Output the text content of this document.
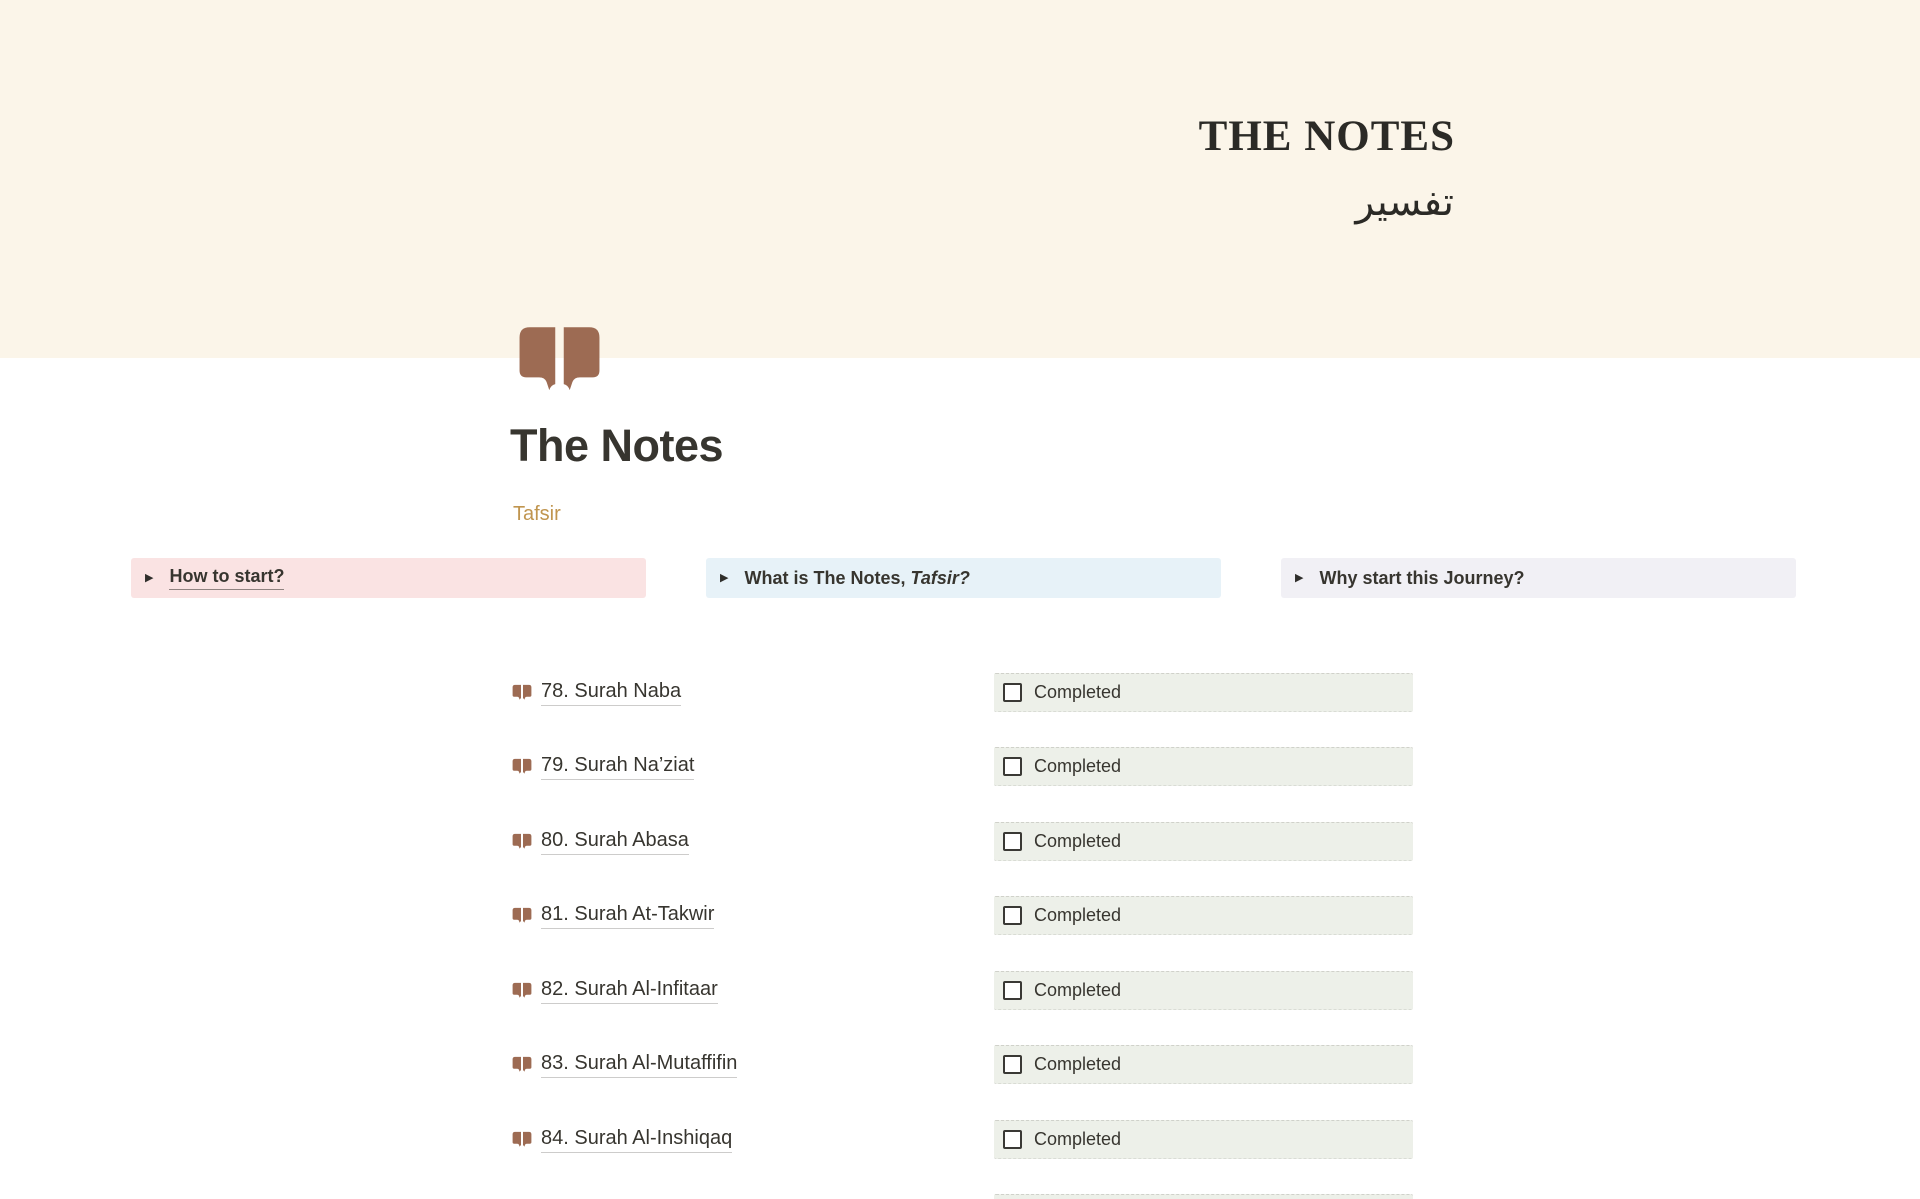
THE NOTES
تفسير
The Notes
Tafsir
▶ How to start?	▶ What is The Notes, Tafsir?	▶ Why start this Journey?
78. Surah Naba	Completed
79. Surah Na’ziat	Completed
80. Surah Abasa	Completed
81. Surah At-Takwir	Completed
82. Surah Al-Infitaar	Completed
83. Surah Al-Mutaffifin	Completed
84. Surah Al-Inshiqaq	Completed
